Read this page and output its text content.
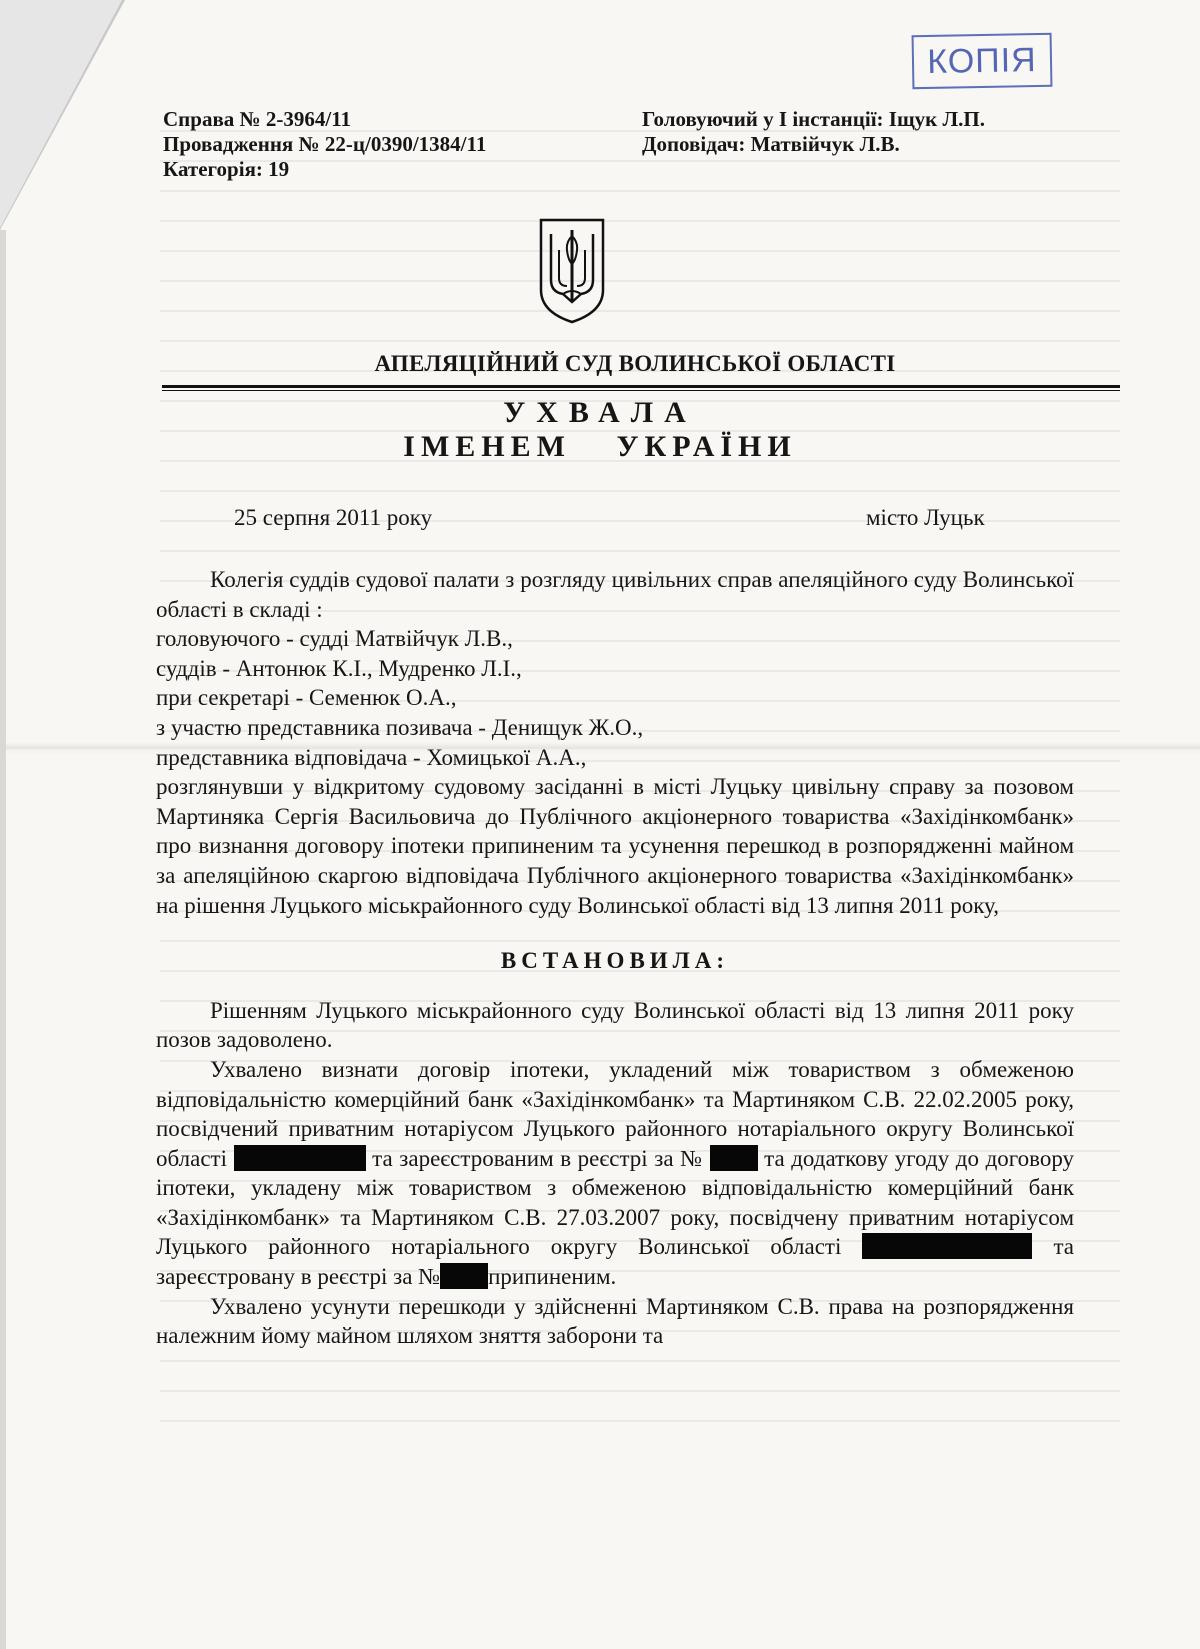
КОПІЯ
Справа № 2-3964/11
Провадження № 22-ц/0390/1384/11
Категорія: 19
Головуючий у І інстанції: Іщук Л.П.
Доповідач: Матвійчук Л.В.
АПЕЛЯЦІЙНИЙ СУД ВОЛИНСЬКОЇ ОБЛАСТІ
УХВАЛА
ІМЕНЕМ УКРАЇНИ
25 серпня 2011 року	місто Луцьк

Колегія суддів судової палати з розгляду цивільних справ апеляційного суду Волинської області в складі :

головуючого - судді Матвійчук Л.В.,

суддів - Антонюк К.І., Мудренко Л.І.,

при секретарі - Семенюк О.А.,

з участю представника позивача - Денищук Ж.О.,

представника відповідача - Хомицької А.А.,

розглянувши у відкритому судовому засіданні в місті Луцьку цивільну справу за позовом Мартиняка Сергія Васильовича до Публічного акціонерного товариства «Західінкомбанк» про визнання договору іпотеки припиненим та усунення перешкод в розпорядженні майном за апеляційною скаргою відповідача Публічного акціонерного товариства «Західінкомбанк» на рішення Луцького міськрайонного суду Волинської області від 13 липня 2011 року,

ВСТАНОВИЛА:

Рішенням Луцького міськрайонного суду Волинської області від 13 липня 2011 року позов задоволено.

Ухвалено визнати договір іпотеки, укладений між товариством з обмеженою відповідальністю комерційний банк «Західінкомбанк» та Мартиняком С.В. 22.02.2005 року, посвідчений приватним нотаріусом Луцького районного нотаріального округу Волинської області	та зареєстрованим в реєстрі за №	та додаткову угоду до договору іпотеки, укладену між товариством з обмеженою відповідальністю комерційний банк «Західінкомбанк» та Мартиняком С.В. 27.03.2007 року, посвідчену приватним нотаріусом Луцького районного нотаріального округу Волинської області	та зареєстровану в реєстрі за № припиненим.

Ухвалено усунути перешкоди у здійсненні Мартиняком С.В. права на розпорядження належним йому майном шляхом зняття заборони та
